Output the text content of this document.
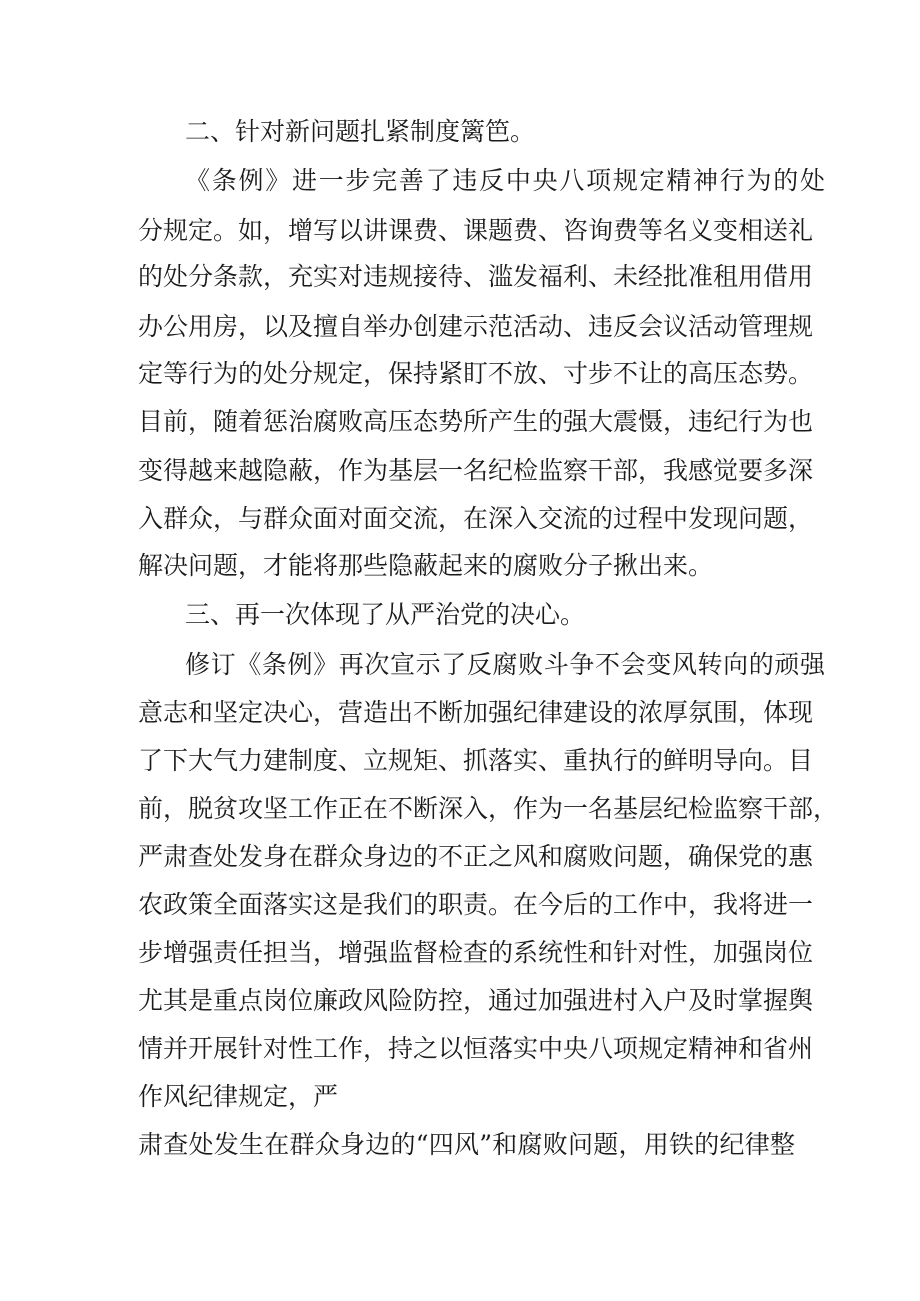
二、针对新问题扎紧制度篱笆。
《条例》进一步完善了违反中央八项规定精神行为的处
分规定。如，增写以讲课费、课题费、咨询费等名义变相送礼
的处分条款，充实对违规接待、滥发福利、未经批准租用借用
办公用房，以及擅自举办创建示范活动、违反会议活动管理规
定等行为的处分规定，保持紧盯不放、寸步不让的高压态势。
目前，随着惩治腐败高压态势所产生的强大震慑，违纪行为也
变得越来越隐蔽，作为基层一名纪检监察干部，我感觉要多深
入群众，与群众面对面交流，在深入交流的过程中发现问题，
解决问题，才能将那些隐蔽起来的腐败分子揪出来。
三、再一次体现了从严治党的决心。
修订《条例》再次宣示了反腐败斗争不会变风转向的顽强
意志和坚定决心，营造出不断加强纪律建设的浓厚氛围，体现
了下大气力建制度、立规矩、抓落实、重执行的鲜明导向。目
前，脱贫攻坚工作正在不断深入，作为一名基层纪检监察干部，
严肃查处发身在群众身边的不正之风和腐败问题，确保党的惠
农政策全面落实这是我们的职责。在今后的工作中，我将进一
步增强责任担当，增强监督检查的系统性和针对性，加强岗位
尤其是重点岗位廉政风险防控，通过加强进村入户及时掌握舆
情并开展针对性工作，持之以恒落实中央八项规定精神和省州
作风纪律规定，严
肃查处发生在群众身边的“四风”和腐败问题，用铁的纪律整
